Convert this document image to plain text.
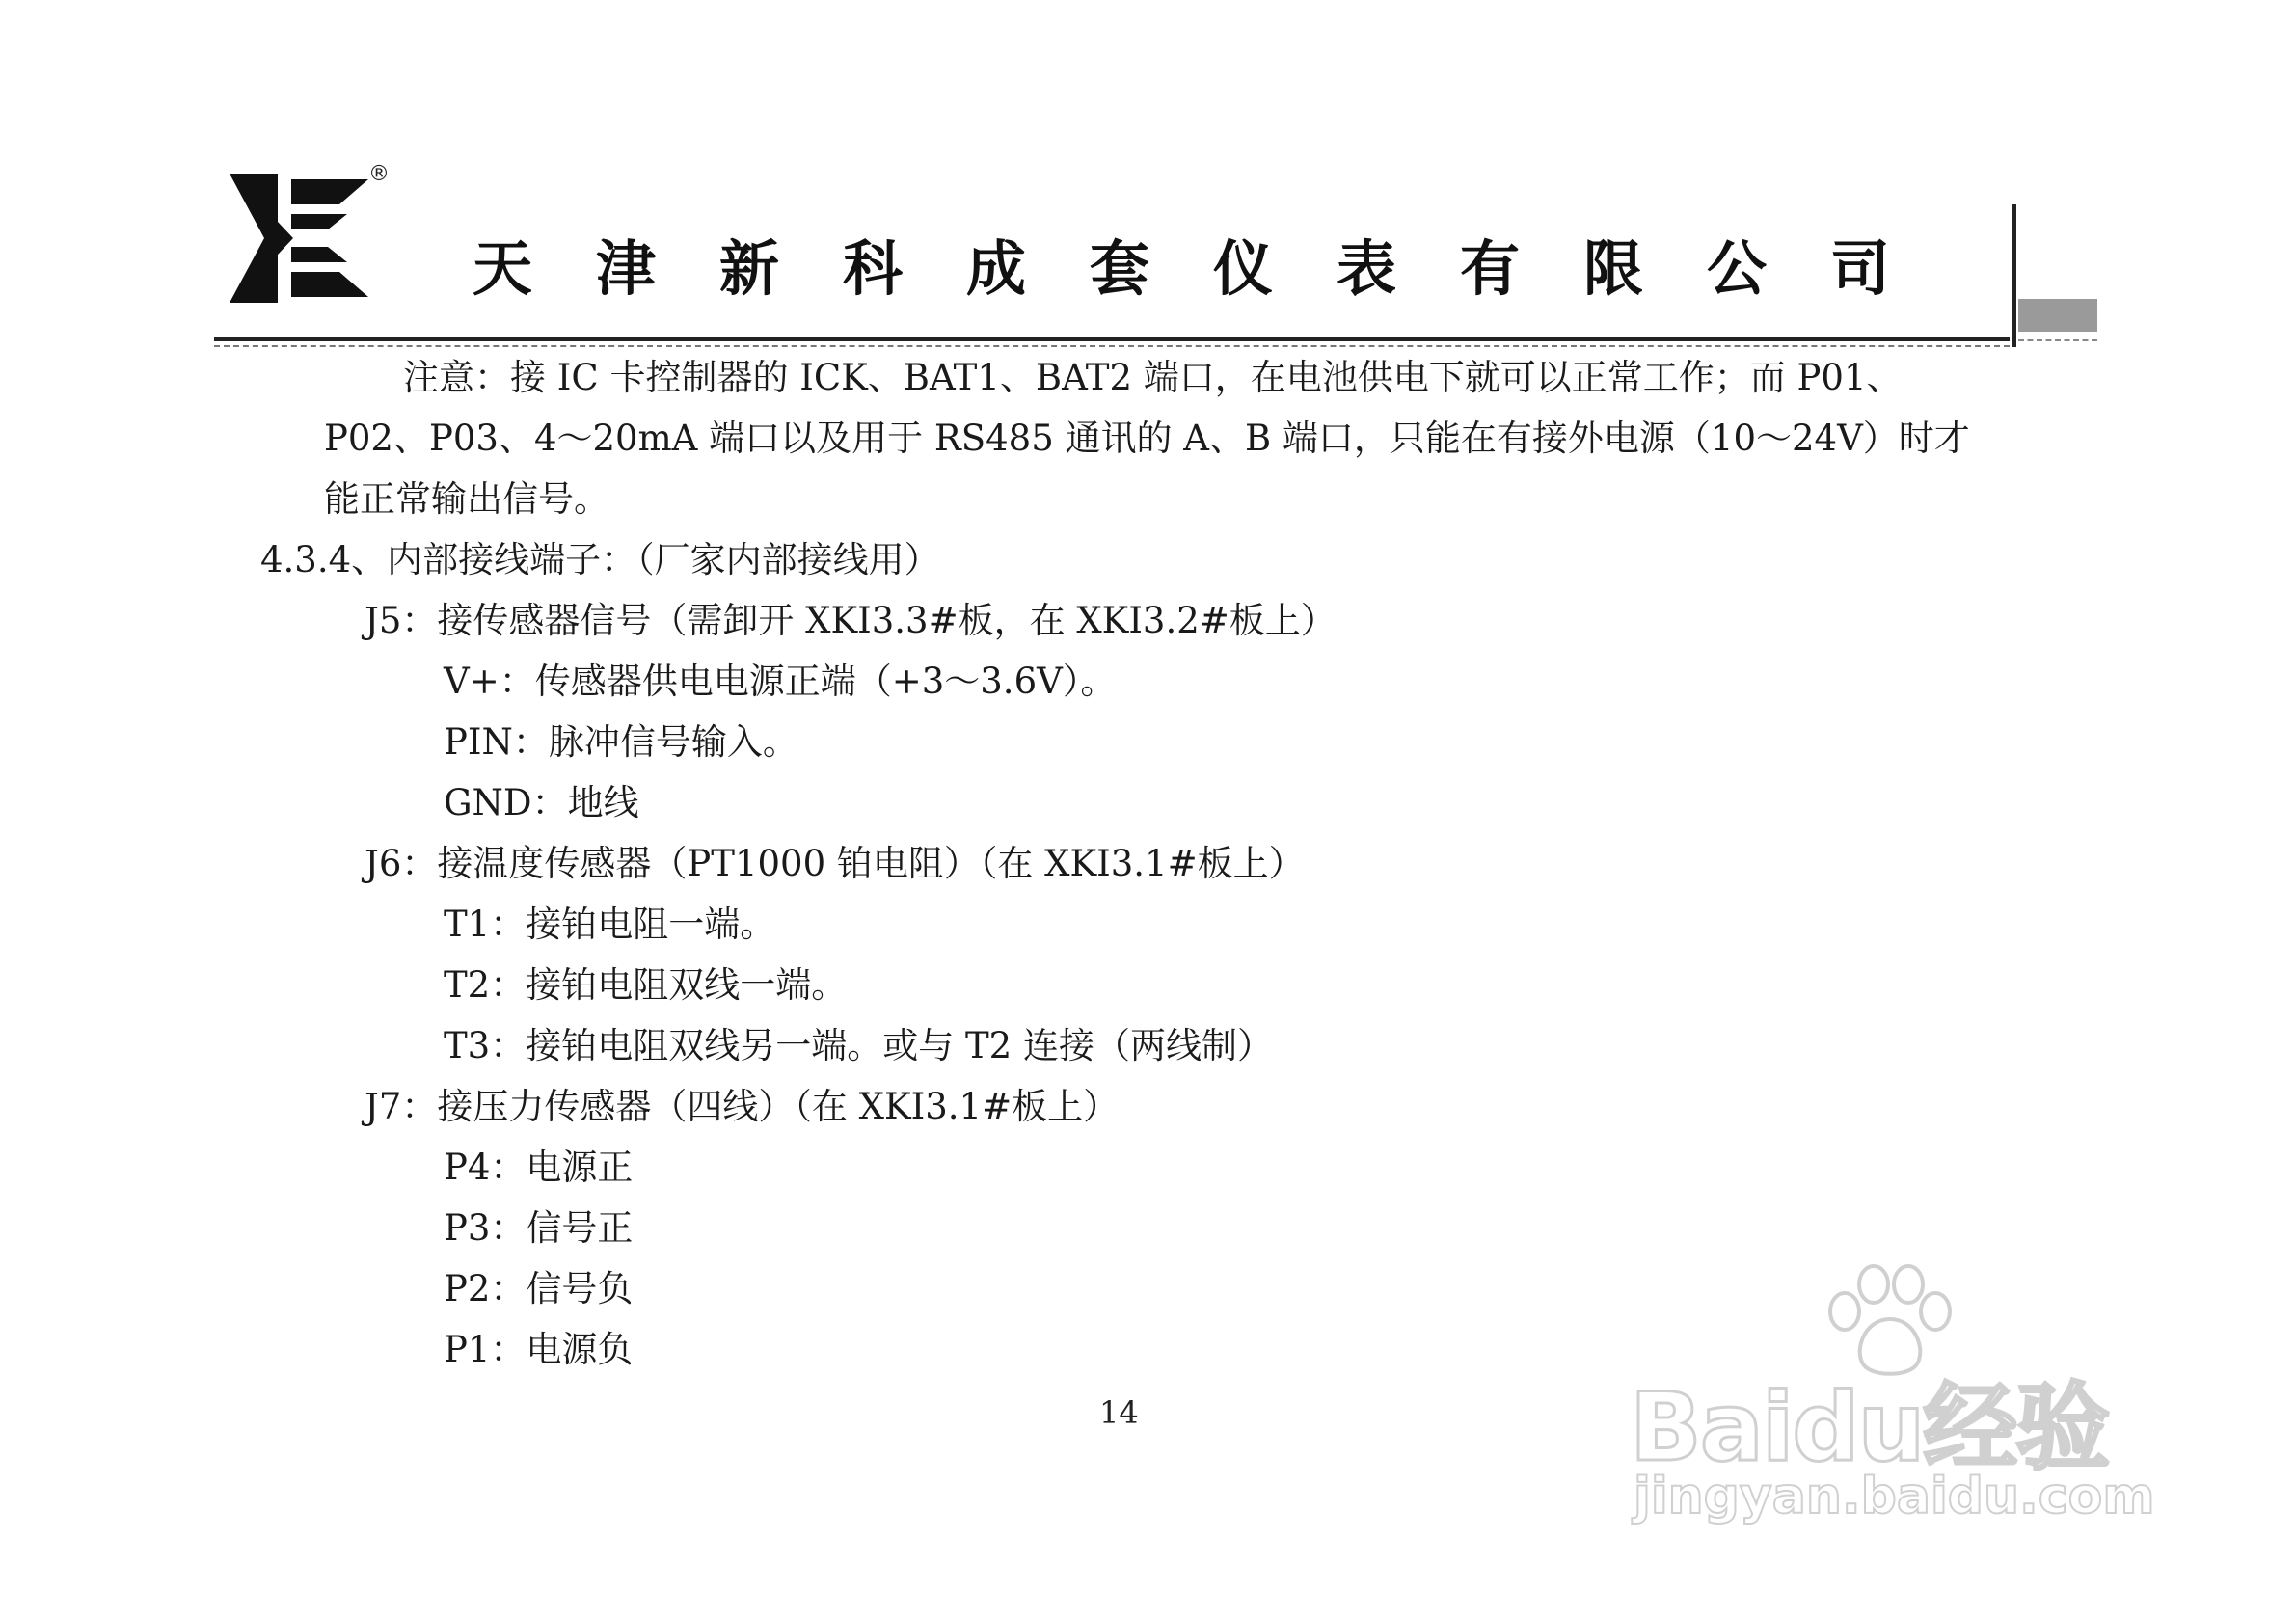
®
天津新科成套仪表有限公司
注意：接 IC 卡控制器的 ICK、BAT1、BAT2 端口，在电池供电下就可以正常工作；而 P01、
P02、P03、4～20mA 端口以及用于 RS485 通讯的 A、B 端口，只能在有接外电源（10～24V）时才
能正常输出信号。
4.3.4、内部接线端子：（厂家内部接线用）
J5：接传感器信号（需卸开 XKI3.3#板，在 XKI3.2#板上）
V+：传感器供电电源正端（+3～3.6V）。
PIN：脉冲信号输入。
GND：地线
J6：接温度传感器（PT1000 铂电阻）（在 XKI3.1#板上）
T1：接铂电阻一端。
T2：接铂电阻双线一端。
T3：接铂电阻双线另一端。或与 T2 连接（两线制）
J7：接压力传感器（四线）（在 XKI3.1#板上）
P4：电源正
P3：信号正
P2：信号负
P1：电源负
14	Baidu经验
jingyan.baidu.com
